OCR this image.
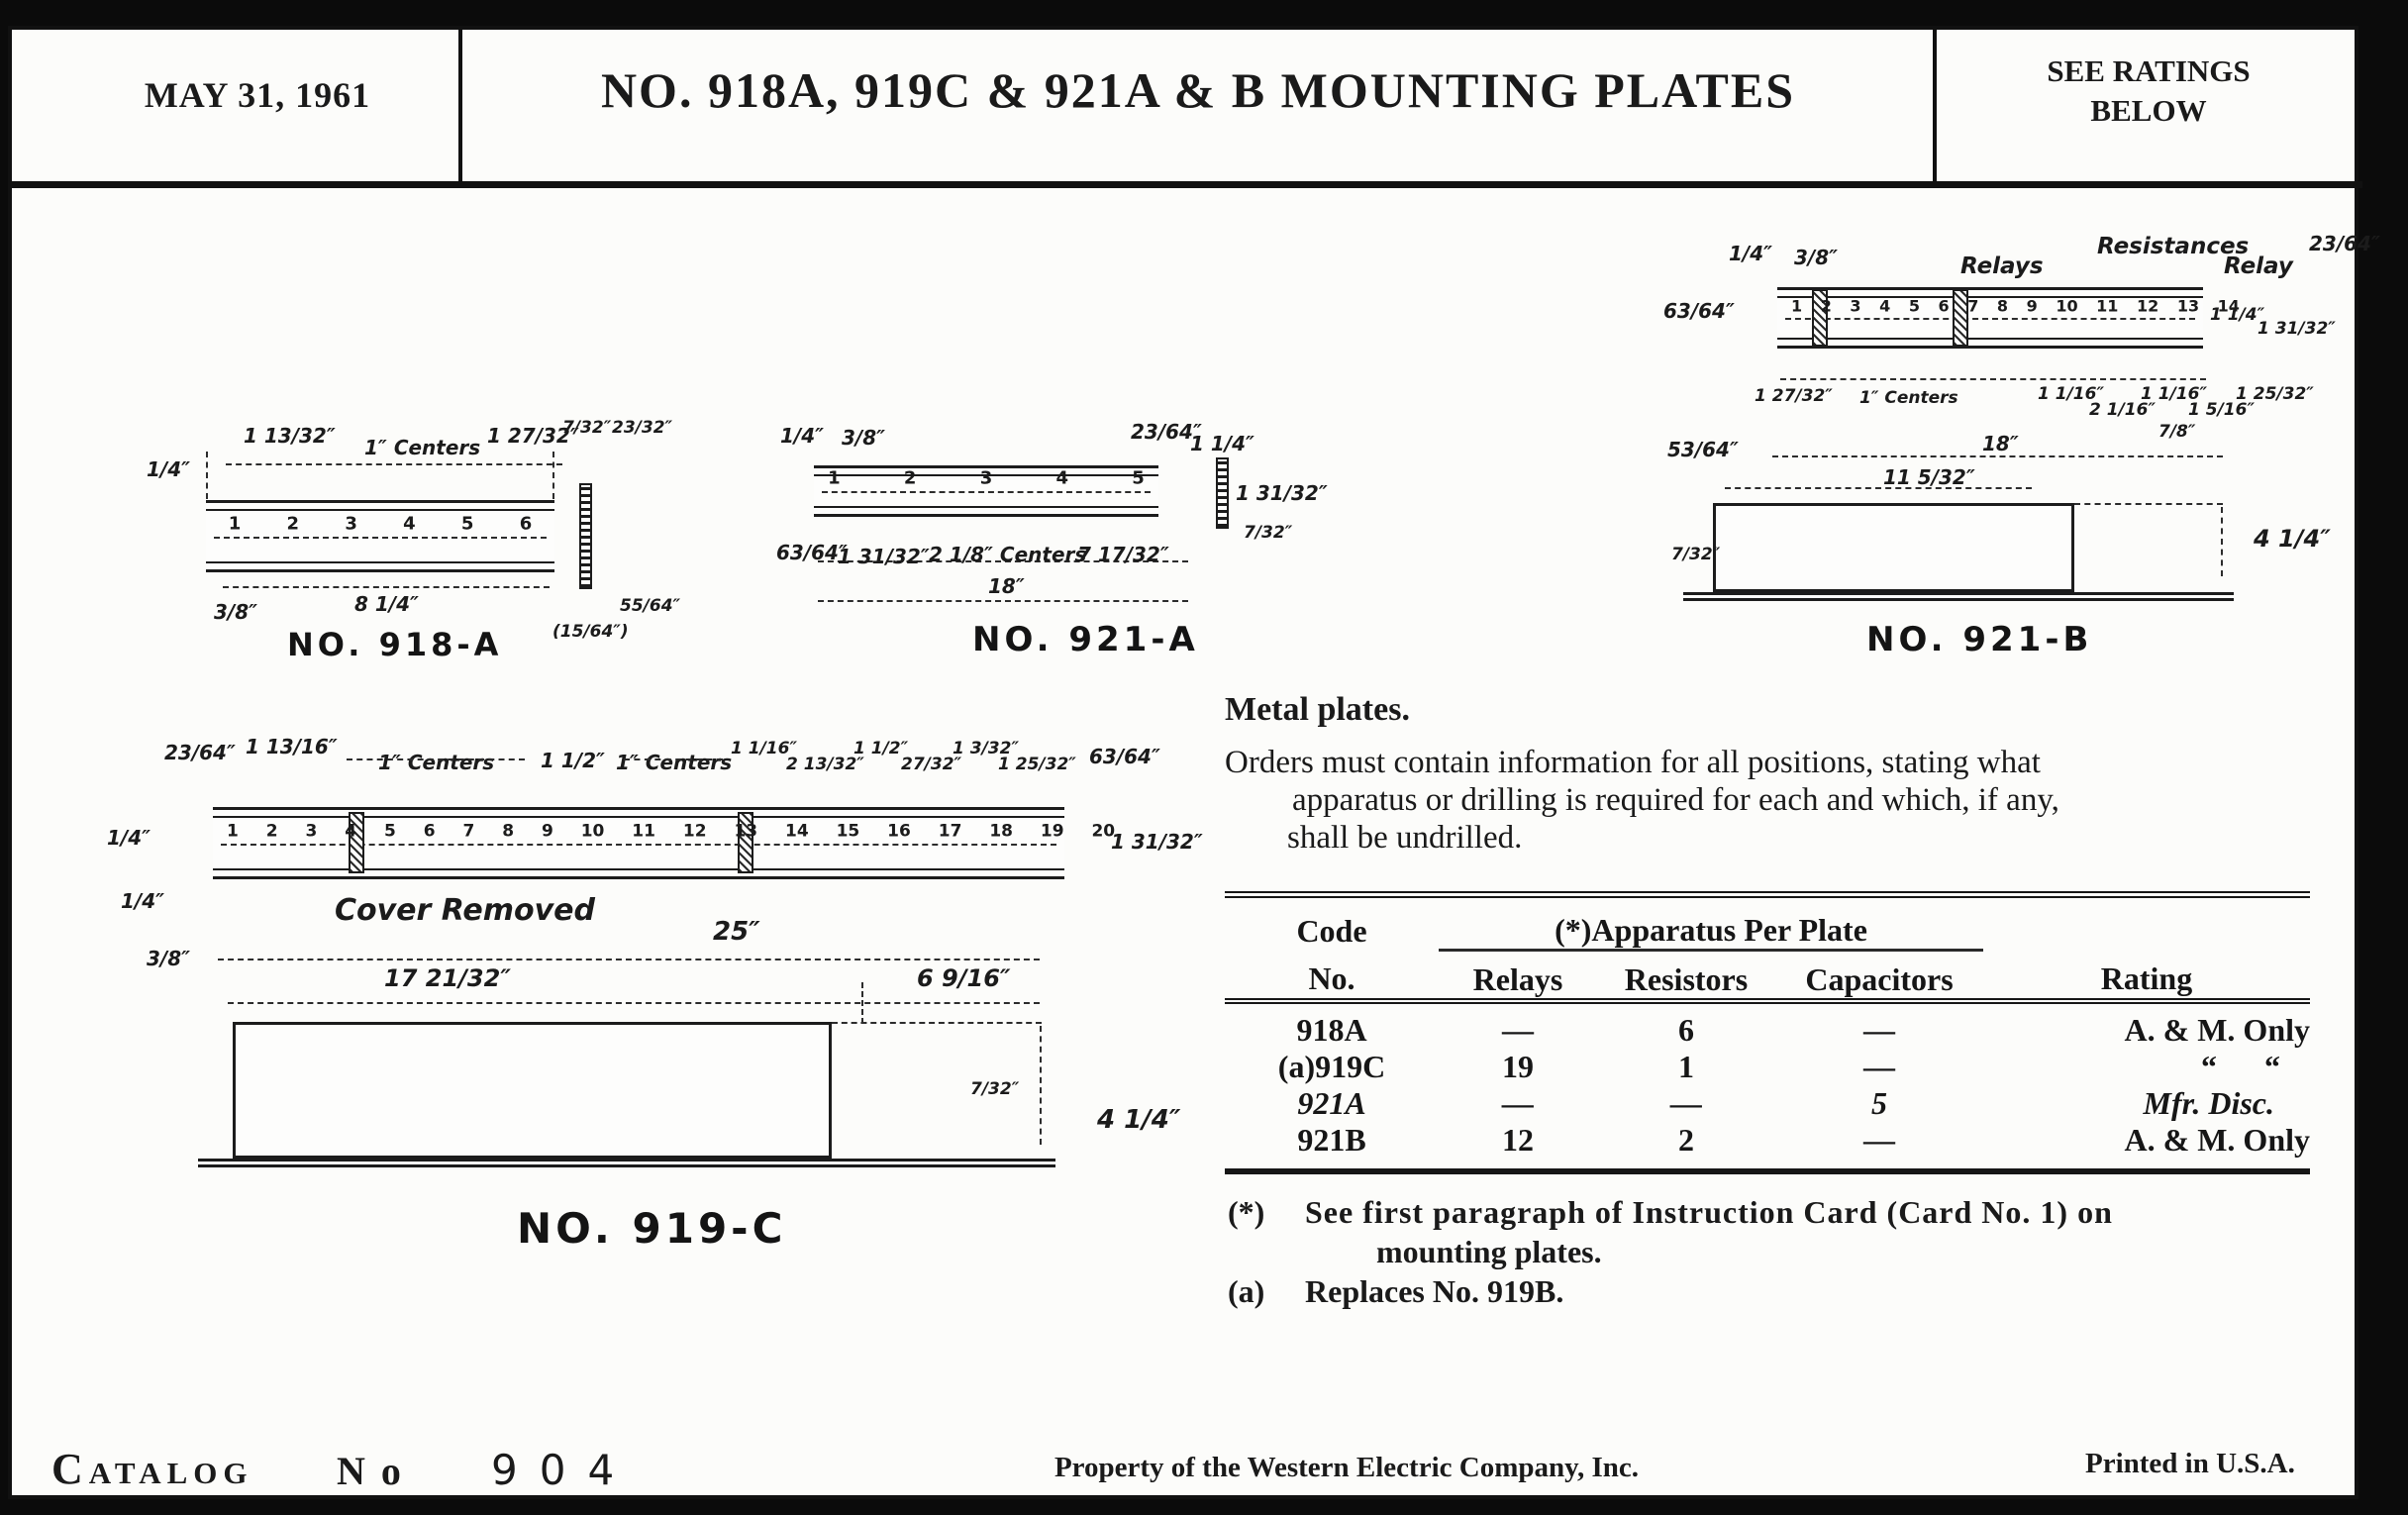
MAY 31, 1961	NO. 918A, 919C & 921A & B MOUNTING PLATES	SEE RATINGS
BELOW
1/4″
1 13/32″ 1″ Centers 1 27/32″
7/32″ 23/32″
1 2 3 4 5 6
3/8″	8 1/4″
(15/64″)
55/64″
NO. 918-A
1/4″ 3/8″	23/64″
1 1/4″
1 2 3 4 5
1 31/32″
7/32″
63/64″
1 31/32″ 2 1/8″ Centers
7 17/32″
18″
NO. 921-A
Relays
Resistances
Relay
1/4″ 3/8″
23/64″
63/64″	1 2 3 4 5 6 7 8 9 10 11 12 13 14
1 1/4″
1 31/32″
1 27/32″ 1″ Centers	1 1/16″
2 1/16″
1 1/16″
1 5/16″
1 25/32″
7/8″
53/64″	18″
11 5/32″
4 1/4″
7/32″
NO. 921-B
23/64″ 1 13/16″
1″ Centers 1 1/2″ 1″ Centers
1 1/16″
2 13/32″
1 1/2″
27/32″
1 3/32″
1 25/32″ 63/64″
1/4″
1/4″
3/8″
1 2 3 4 5 6 7 8 9 10 11 12 13 14 15 16 17 18 19 20
1 31/32″
Cover Removed
25″
17 21/32″	6 9/16″
7/32″
4 1/4″
NO. 919-C
Metal plates.
Orders must contain information for all positions, stating what
apparatus or drilling is required for each and which, if any,
shall be undrilled.
Code	(*)Apparatus Per Plate			
No.	Relays	Resistors	Capacitors	Rating
918A	—	6	—	A. & M. Only
(a)919C	19	1	—	“      “
921A	—	—	5	Mfr. Disc.
921B	12	2	—	A. & M. Only
(*) See first paragraph of Instruction Card (Card No. 1) on
mounting plates.
(a) Replaces No. 919B.
Catalog No 904	Property of the Western Electric Company, Inc.	Printed in U.S.A.
